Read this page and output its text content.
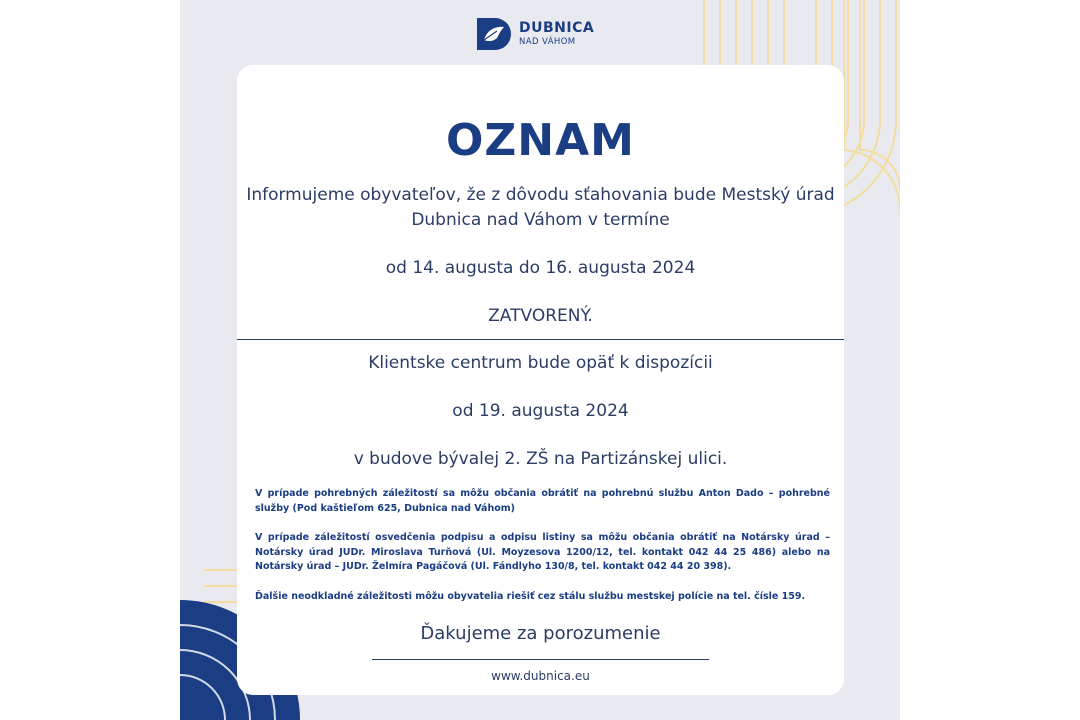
DUBNICA
NAD VÁHOM
OZNAM

Informujeme obyvateľov, že z dôvodu sťahovania bude Mestský úrad

Dubnica nad Váhom v termíne

od 14. augusta do 16. augusta 2024

ZATVORENÝ.

Klientske centrum bude opäť k dispozícii

od 19. augusta 2024

v budove bývalej 2. ZŠ na Partizánskej ulici.

V prípade pohrebných záležitostí sa môžu občania obrátiť na pohrebnú službu Anton Dado – pohrebné služby (Pod kaštieľom 625, Dubnica nad Váhom)

V prípade záležitostí osvedčenia podpisu a odpisu listiny sa môžu občania obrátiť na Notársky úrad – Notársky úrad JUDr. Miroslava Turňová (Ul. Moyzesova 1200/12, tel. kontakt 042 44 25 486) alebo na Notársky úrad – JUDr. Želmíra Pagáčová (Ul. Fándlyho 130/8, tel. kontakt 042 44 20 398).

Ďalšie neodkladné záležitosti môžu obyvatelia riešiť cez stálu službu mestskej polície na tel. čísle 159.

Ďakujeme za porozumenie

www.dubnica.eu
